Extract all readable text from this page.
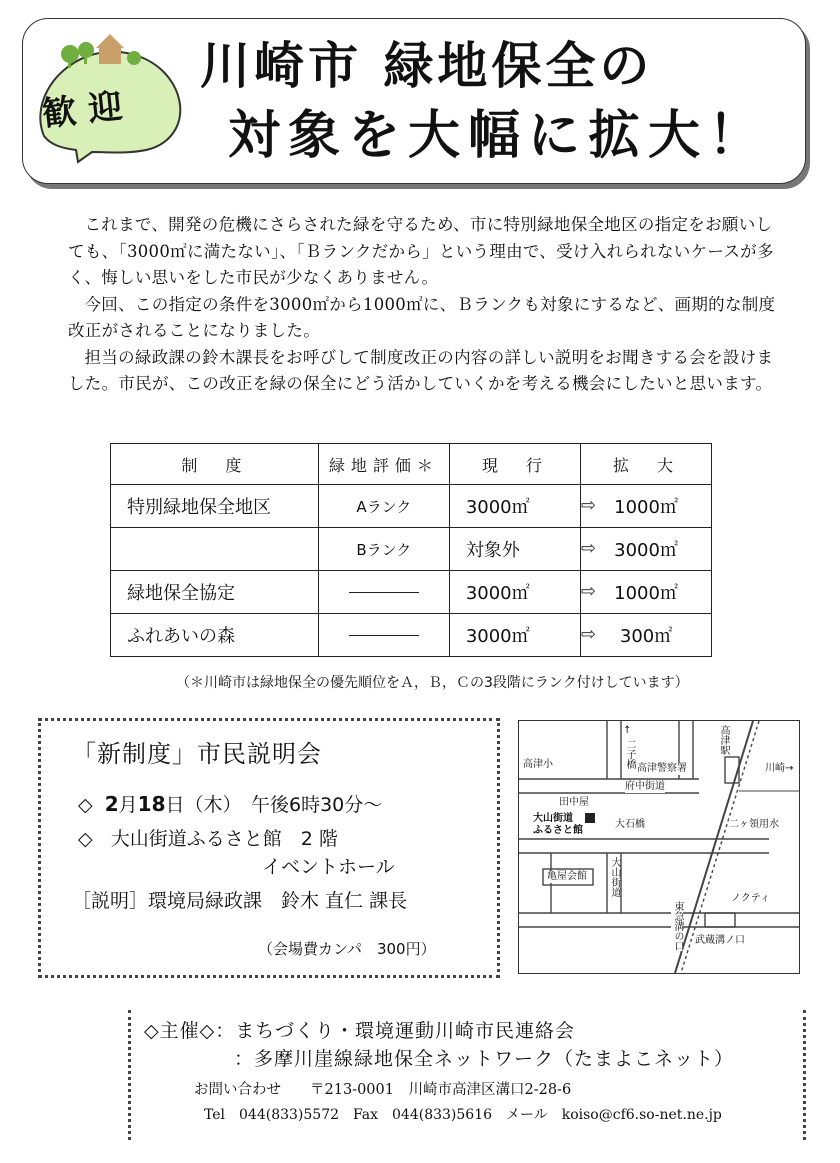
歓迎
川崎市 緑地保全の
対象を大幅に拡大！

これまで、開発の危機にさらされた緑を守るため、市に特別緑地保全地区の指定をお願いしても、「3000㎡に満たない」、「Ｂランクだから」という理由で、受け入れられないケースが多く、悔しい思いをした市民が少なくありません。

今回、この指定の条件を3000㎡から1000㎡に、Ｂランクも対象にするなど、画期的な制度改正がされることになりました。

担当の緑政課の鈴木課長をお呼びして制度改正の内容の詳しい説明をお聞きする会を設けました。市民が、この改正を緑の保全にどう活かしていくかを考える機会にしたいと思います。

制　度	緑地評価＊	現　行	拡　大
特別緑地保全地区	Aランク	3000㎡ ⇨	1000㎡
	Bランク	対象外 ⇨	3000㎡
緑地保全協定		3000㎡ ⇨	1000㎡
ふれあいの森		3000㎡ ⇨	300㎡
（＊川崎市は緑地保全の優先順位をＡ，Ｂ，Ｃの3段階にランク付けしています）
「新制度」市民説明会
◇ 2月18日（木）　午後6時30分～
◇ 大山街道ふるさと館　2 階
イベントホール
［説明］環境局緑政課　鈴木 直仁 課長
（会場費カンパ　300円）
高津小
↑
二子橋 高津警察署
高津駅
川崎→
田中屋
府中街道
大山街道
ふるさと館
大石橋	二ヶ領用水
亀屋会館 大山街道
ノクティ
東急溝の口 武蔵溝ノ口
◇主催◇：まちづくり・環境運動川崎市民連絡会
：多摩川崖線緑地保全ネットワーク（たまよこネット）
お問い合わせ　　〒213-0001　川崎市高津区溝口2-28-6
Tel　044(833)5572　Fax　044(833)5616　メール　koiso@cf6.so-net.ne.jp
